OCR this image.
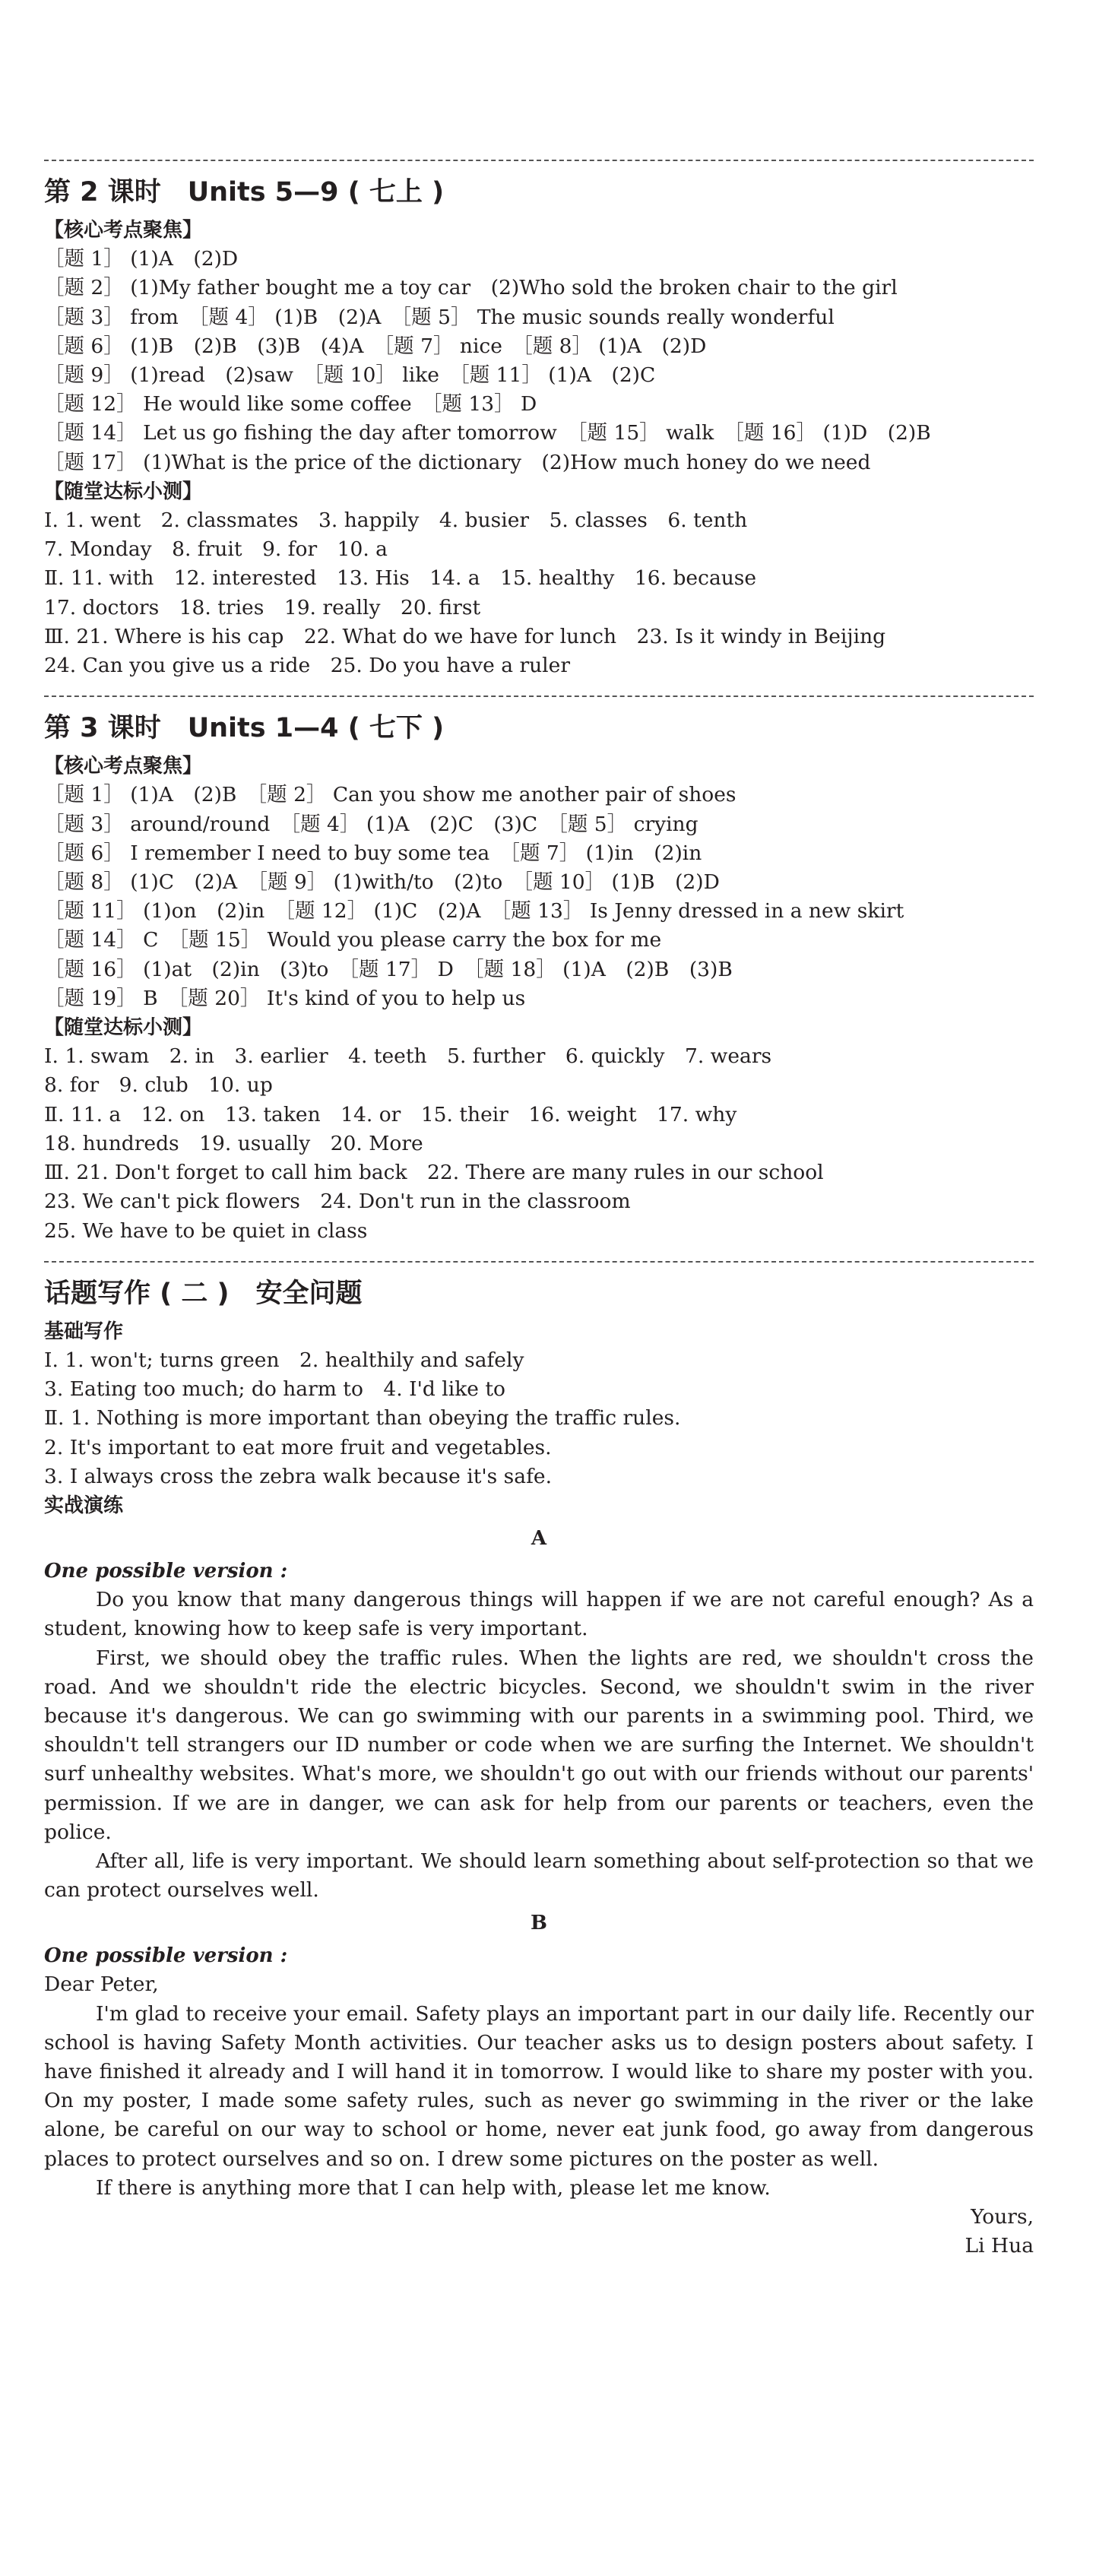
第 2 课时　Units 5—9 ( 七上 )
【核心考点聚焦】
［题 1］ (1)A　(2)D
［题 2］ (1)My father bought me a toy car　(2)Who sold the broken chair to the girl
［题 3］ from　［题 4］ (1)B　(2)A　［题 5］ The music sounds really wonderful
［题 6］ (1)B　(2)B　(3)B　(4)A　［题 7］ nice　［题 8］ (1)A　(2)D
［题 9］ (1)read　(2)saw　［题 10］ like　［题 11］ (1)A　(2)C
［题 12］ He would like some coffee　［题 13］ D
［题 14］ Let us go fishing the day after tomorrow　［题 15］ walk　［题 16］ (1)D　(2)B
［题 17］ (1)What is the price of the dictionary　(2)How much honey do we need
【随堂达标小测】
Ⅰ. 1. went　2. classmates　3. happily　4. busier　5. classes　6. tenth
7. Monday　8. fruit　9. for　10. a
Ⅱ. 11. with　12. interested　13. His　14. a　15. healthy　16. because
17. doctors　18. tries　19. really　20. first
Ⅲ. 21. Where is his cap　22. What do we have for lunch　23. Is it windy in Beijing
24. Can you give us a ride　25. Do you have a ruler
第 3 课时　Units 1—4 ( 七下 )
【核心考点聚焦】
［题 1］ (1)A　(2)B　［题 2］ Can you show me another pair of shoes
［题 3］ around/round　［题 4］ (1)A　(2)C　(3)C　［题 5］ crying
［题 6］ I remember I need to buy some tea　［题 7］ (1)in　(2)in
［题 8］ (1)C　(2)A　［题 9］ (1)with/to　(2)to　［题 10］ (1)B　(2)D
［题 11］ (1)on　(2)in　［题 12］ (1)C　(2)A　［题 13］ Is Jenny dressed in a new skirt
［题 14］ C　［题 15］ Would you please carry the box for me
［题 16］ (1)at　(2)in　(3)to　［题 17］ D　［题 18］ (1)A　(2)B　(3)B
［题 19］ B　［题 20］ It's kind of you to help us
【随堂达标小测】
Ⅰ. 1. swam　2. in　3. earlier　4. teeth　5. further　6. quickly　7. wears
8. for　9. club　10. up
Ⅱ. 11. a　12. on　13. taken　14. or　15. their　16. weight　17. why
18. hundreds　19. usually　20. More
Ⅲ. 21. Don't forget to call him back　22. There are many rules in our school
23. We can't pick flowers　24. Don't run in the classroom
25. We have to be quiet in class
话题写作 ( 二 )　安全问题
基础写作
Ⅰ. 1. won't; turns green　2. healthily and safely
3. Eating too much; do harm to　4. I'd like to
Ⅱ. 1. Nothing is more important than obeying the traffic rules.
2. It's important to eat more fruit and vegetables.
3. I always cross the zebra walk because it's safe.
实战演练
A
One possible version :
Do you know that many dangerous things will happen if we are not careful enough? As a student, knowing how to keep safe is very important.
First, we should obey the traffic rules. When the lights are red, we shouldn't cross the road. And we shouldn't ride the electric bicycles. Second, we shouldn't swim in the river because it's dangerous. We can go swimming with our parents in a swimming pool. Third, we shouldn't tell strangers our ID number or code when we are surfing the Internet. We shouldn't surf unhealthy websites. What's more, we shouldn't go out with our friends without our parents' permission. If we are in danger, we can ask for help from our parents or teachers, even the police.
After all, life is very important. We should learn something about self-protection so that we can protect ourselves well.
B
One possible version :
Dear Peter,
I'm glad to receive your email. Safety plays an important part in our daily life. Recently our school is having Safety Month activities. Our teacher asks us to design posters about safety. I have finished it already and I will hand it in tomorrow. I would like to share my poster with you. On my poster, I made some safety rules, such as never go swimming in the river or the lake alone, be careful on our way to school or home, never eat junk food, go away from dangerous places to protect ourselves and so on. I drew some pictures on the poster as well.
If there is anything more that I can help with, please let me know.
Yours,
Li Hua
